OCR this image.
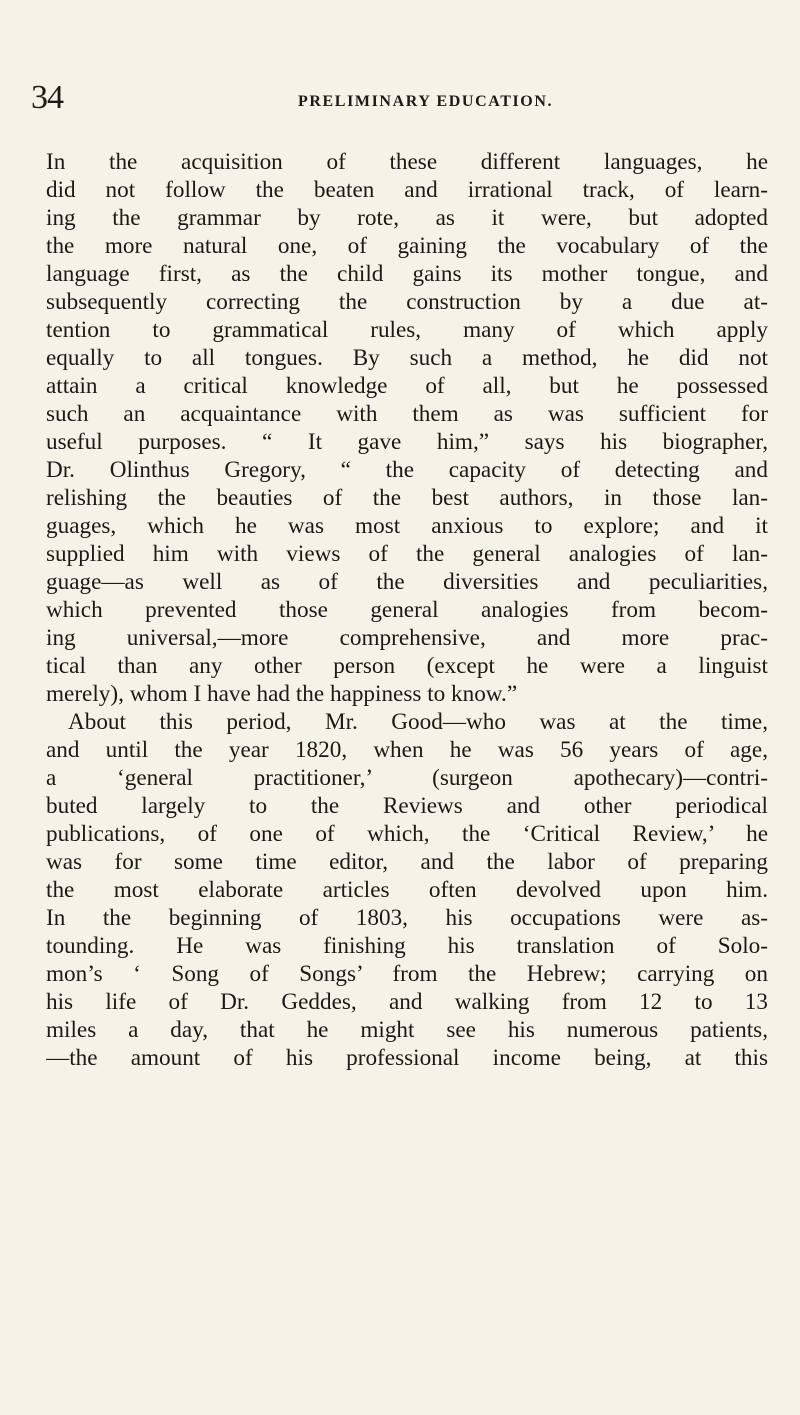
34	PRELIMINARY EDUCATION.
In the acquisition of these different languages, he
did not follow the beaten and irrational track, of learn-
ing the grammar by rote, as it were, but adopted
the more natural one, of gaining the vocabulary of the
language first, as the child gains its mother tongue, and
subsequently correcting the construction by a due at-
tention to grammatical rules, many of which apply
equally to all tongues. By such a method, he did not
attain a critical knowledge of all, but he possessed
such an acquaintance with them as was sufficient for
useful purposes. “ It gave him,” says his biographer,
Dr. Olinthus Gregory, “ the capacity of detecting and
relishing the beauties of the best authors, in those lan-
guages, which he was most anxious to explore; and it
supplied him with views of the general analogies of lan-
guage—as well as of the diversities and peculiarities,
which prevented those general analogies from becom-
ing universal,—more comprehensive, and more prac-
tical than any other person (except he were a linguist
merely), whom I have had the happiness to know.”
About this period, Mr. Good—who was at the time,
and until the year 1820, when he was 56 years of age,
a ‘general practitioner,’ (surgeon apothecary)—contri-
buted largely to the Reviews and other periodical
publications, of one of which, the ‘Critical Review,’ he
was for some time editor, and the labor of preparing
the most elaborate articles often devolved upon him.
In the beginning of 1803, his occupations were as-
tounding. He was finishing his translation of Solo-
mon’s ‘ Song of Songs’ from the Hebrew; carrying on
his life of Dr. Geddes, and walking from 12 to 13
miles a day, that he might see his numerous patients,
—the amount of his professional income being, at this
